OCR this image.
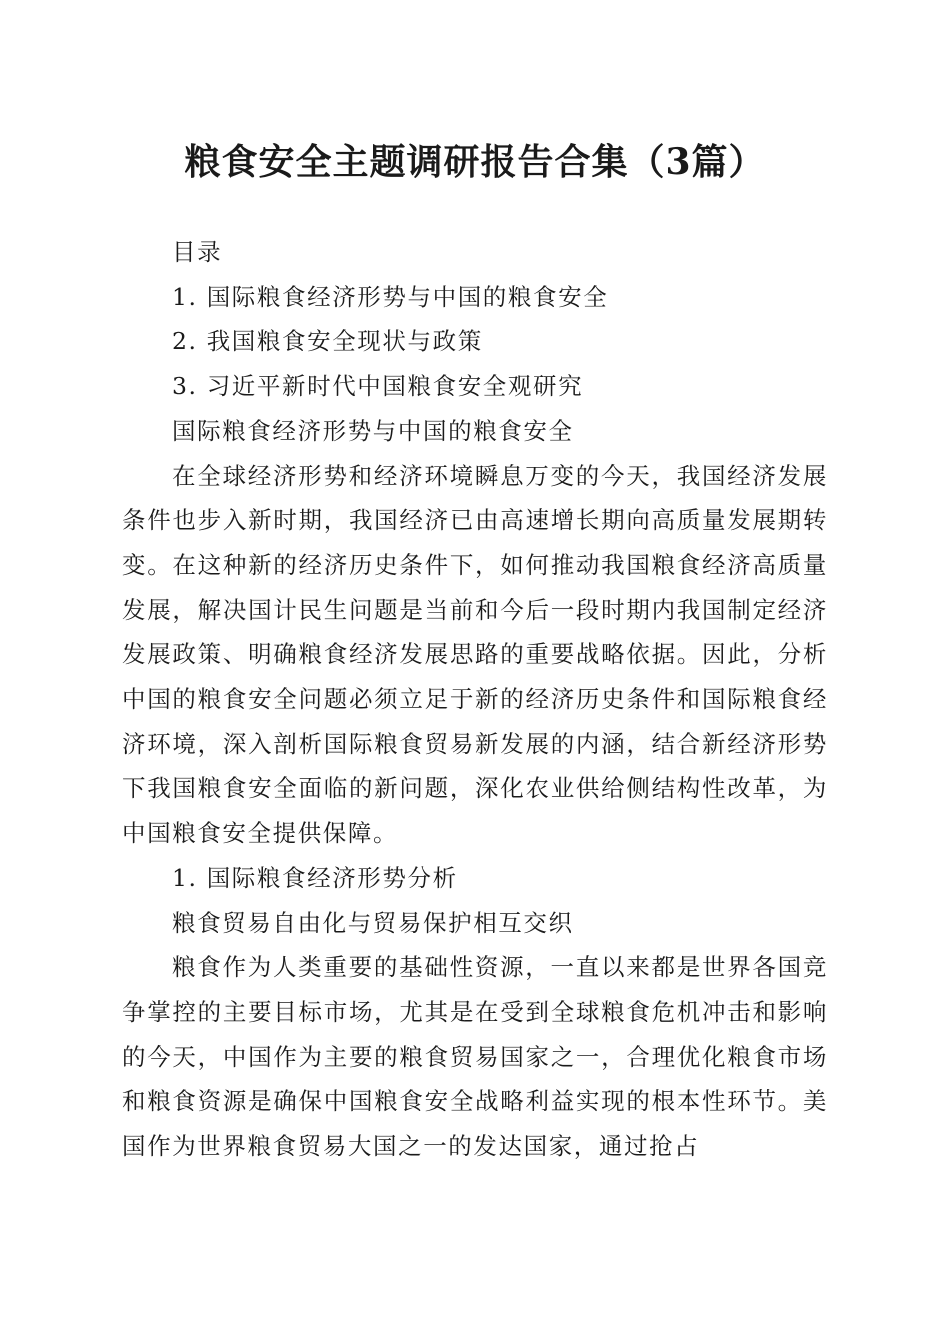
粮食安全主题调研报告合集（3篇）

目录

1. 国际粮食经济形势与中国的粮食安全

2. 我国粮食安全现状与政策

3. 习近平新时代中国粮食安全观研究

国际粮食经济形势与中国的粮食安全

在全球经济形势和经济环境瞬息万变的今天，我国经济发展条件也步入新时期，我国经济已由高速增长期向高质量发展期转变。在这种新的经济历史条件下，如何推动我国粮食经济高质量发展，解决国计民生问题是当前和今后一段时期内我国制定经济发展政策、明确粮食经济发展思路的重要战略依据。因此，分析中国的粮食安全问题必须立足于新的经济历史条件和国际粮食经济环境，深入剖析国际粮食贸易新发展的内涵，结合新经济形势下我国粮食安全面临的新问题，深化农业供给侧结构性改革，为中国粮食安全提供保障。

1. 国际粮食经济形势分析

粮食贸易自由化与贸易保护相互交织

粮食作为人类重要的基础性资源，一直以来都是世界各国竞争掌控的主要目标市场，尤其是在受到全球粮食危机冲击和影响的今天，中国作为主要的粮食贸易国家之一，合理优化粮食市场和粮食资源是确保中国粮食安全战略利益实现的根本性环节。美国作为世界粮食贸易大国之一的发达国家，通过抢占
